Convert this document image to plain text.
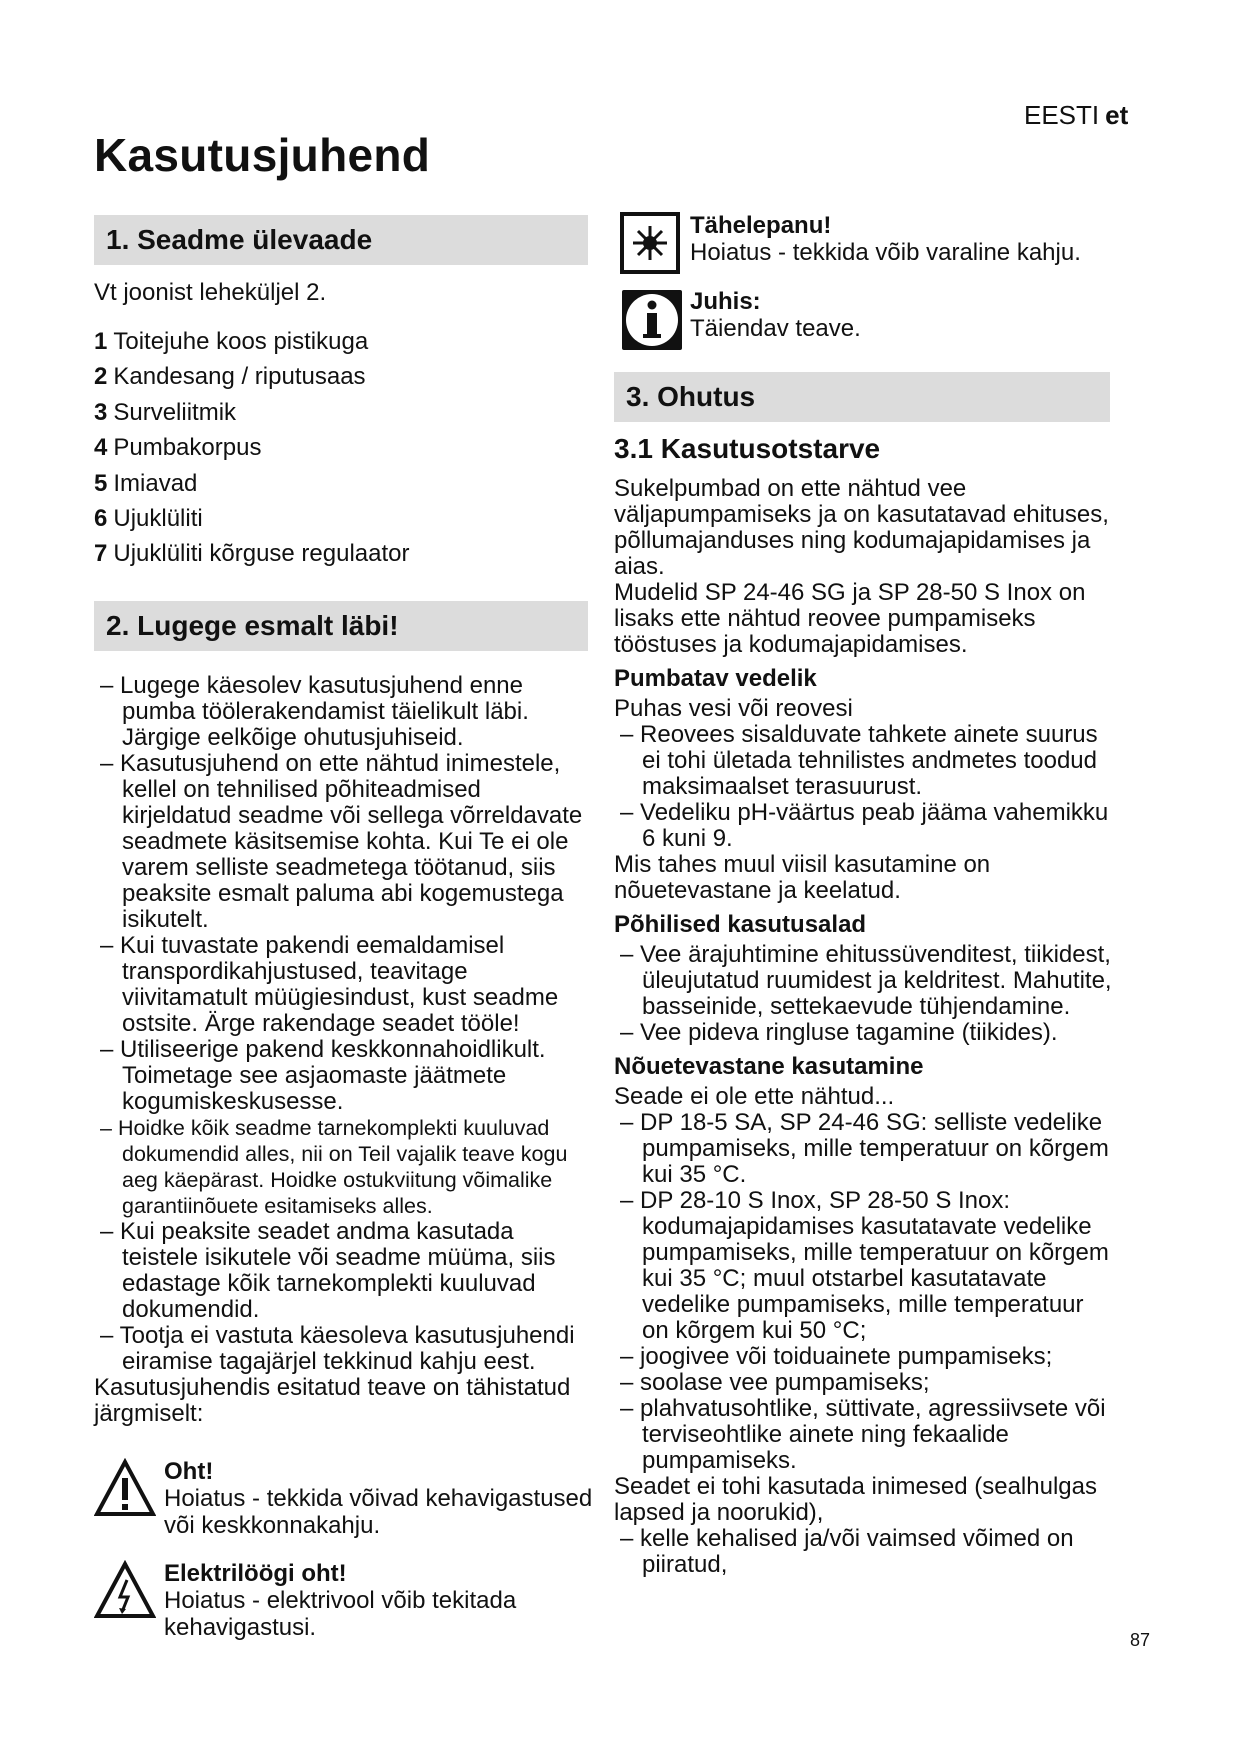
EESTI et
Kasutusjuhend
1. Seadme ülevaade

Vt joonist leheküljel 2.

1 Toitejuhe koos pistikuga
2 Kandesang / riputusaas
3 Surveliitmik
4 Pumbakorpus
5 Imiavad
6 Ujuklüliti
7 Ujuklüliti kõrguse regulaator
2. Lugege esmalt läbi!
– Lugege käesolev kasutusjuhend enne pumba töölerakendamist täielikult läbi. Järgige eelkõige ohutusjuhiseid.
– Kasutusjuhend on ette nähtud inimestele, kellel on tehnilised põhiteadmised kirjeldatud seadme või sellega võrreldavate seadmete käsitsemise kohta. Kui Te ei ole varem selliste seadmetega töötanud, siis peaksite esmalt paluma abi kogemustega isikutelt.
– Kui tuvastate pakendi eemaldamisel transpordikahjustused, teavitage viivitamatult müügiesindust, kust seadme ostsite. Ärge rakendage seadet tööle!
– Utiliseerige pakend keskkonnahoidlikult. Toimetage see asjaomaste jäätmete kogumiskeskusesse.
– Hoidke kõik seadme tarnekomplekti kuuluvad dokumendid alles, nii on Teil vajalik teave kogu aeg käepärast. Hoidke ostukviitung võimalike garantiinõuete esitamiseks alles.
– Kui peaksite seadet andma kasutada teistele isikutele või seadme müüma, siis edastage kõik tarnekomplekti kuuluvad dokumendid.
– Tootja ei vastuta käesoleva kasutusjuhendi eiramise tagajärjel tekkinud kahju eest.

Kasutusjuhendis esitatud teave on tähistatud järgmiselt:

Oht!
Hoiatus - tekkida võivad kehavigastused või keskkonnakahju.
Elektrilöögi oht!
Hoiatus - elektrivool võib tekitada kehavigastusi.
Tähelepanu!
Hoiatus - tekkida võib varaline kahju.
Juhis:
Täiendav teave.
3. Ohutus
3.1 Kasutusotstarve

Sukelpumbad on ette nähtud vee väljapumpamiseks ja on kasutatavad ehituses, põllumajanduses ning kodumajapidamises ja aias.

Mudelid SP 24-46 SG ja SP 28-50 S Inox on lisaks ette nähtud reovee pumpamiseks tööstuses ja kodumajapidamises.

Pumbatav vedelik

Puhas vesi või reovesi

– Reovees sisalduvate tahkete ainete suurus ei tohi ületada tehnilistes andmetes toodud maksimaalset terasuurust.
– Vedeliku pH-väärtus peab jääma vahemikku 6 kuni 9.

Mis tahes muul viisil kasutamine on nõuetevastane ja keelatud.

Põhilised kasutusalad
– Vee ärajuhtimine ehitussüvenditest, tiikidest, üleujutatud ruumidest ja keldritest. Mahutite, basseinide, settekaevude tühjendamine.
– Vee pideva ringluse tagamine (tiikides).
Nõuetevastane kasutamine

Seade ei ole ette nähtud...

– DP 18-5 SA, SP 24-46 SG: selliste vedelike pumpamiseks, mille temperatuur on kõrgem kui 35 °C.
– DP 28-10 S Inox, SP 28-50 S Inox: kodumajapidamises kasutatavate vedelike pumpamiseks, mille temperatuur on kõrgem kui 35 °C; muul otstarbel kasutatavate vedelike pumpamiseks, mille temperatuur on kõrgem kui 50 °C;
– joogivee või toiduainete pumpamiseks;
– soolase vee pumpamiseks;
– plahvatusohtlike, süttivate, agressiivsete või terviseohtlike ainete ning fekaalide pumpamiseks.

Seadet ei tohi kasutada inimesed (sealhulgas lapsed ja noorukid),

– kelle kehalised ja/või vaimsed võimed on piiratud,
87
